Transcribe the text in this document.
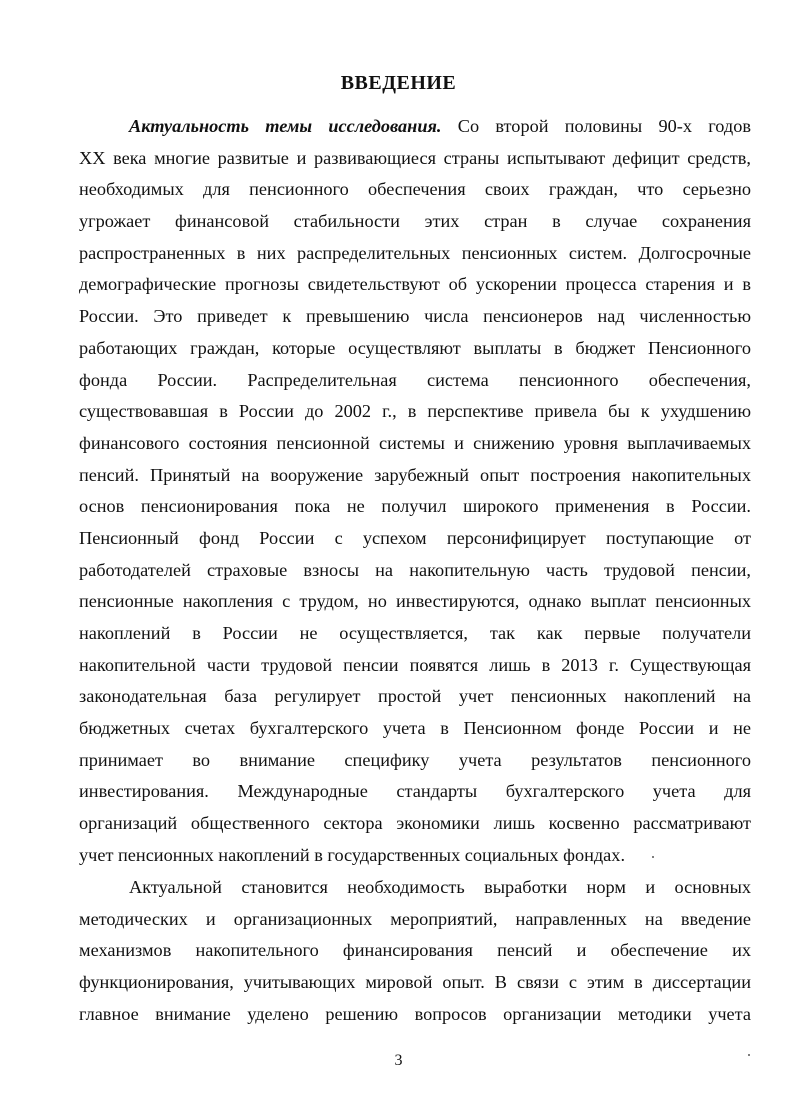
ВВЕДЕНИЕ
Актуальность темы исследования. Со второй половины 90-х годов
XX века многие развитые и развивающиеся страны испытывают дефицит средств,
необходимых для пенсионного обеспечения своих граждан, что серьезно
угрожает финансовой стабильности этих стран в случае сохранения
распространенных в них распределительных пенсионных систем. Долгосрочные
демографические прогнозы свидетельствуют об ускорении процесса старения и в
России. Это приведет к превышению числа пенсионеров над численностью
работающих граждан, которые осуществляют выплаты в бюджет Пенсионного
фонда России. Распределительная система пенсионного обеспечения,
существовавшая в России до 2002 г., в перспективе привела бы к ухудшению
финансового состояния пенсионной системы и снижению уровня выплачиваемых
пенсий. Принятый на вооружение зарубежный опыт построения накопительных
основ пенсионирования пока не получил широкого применения в России.
Пенсионный фонд России с успехом персонифицирует поступающие от
работодателей страховые взносы на накопительную часть трудовой пенсии,
пенсионные накопления с трудом, но инвестируются, однако выплат пенсионных
накоплений в России не осуществляется, так как первые получатели
накопительной части трудовой пенсии появятся лишь в 2013 г. Существующая
законодательная база регулирует простой учет пенсионных накоплений на
бюджетных счетах бухгалтерского учета в Пенсионном фонде России и не
принимает во внимание специфику учета результатов пенсионного
инвестирования. Международные стандарты бухгалтерского учета для
организаций общественного сектора экономики лишь косвенно рассматривают
учет пенсионных накоплений в государственных социальных фондах.
Актуальной становится необходимость выработки норм и основных
методических и организационных мероприятий, направленных на введение
механизмов накопительного финансирования пенсий и обеспечение их
функционирования, учитывающих мировой опыт. В связи с этим в диссертации
главное внимание уделено решению вопросов организации методики учета
3
